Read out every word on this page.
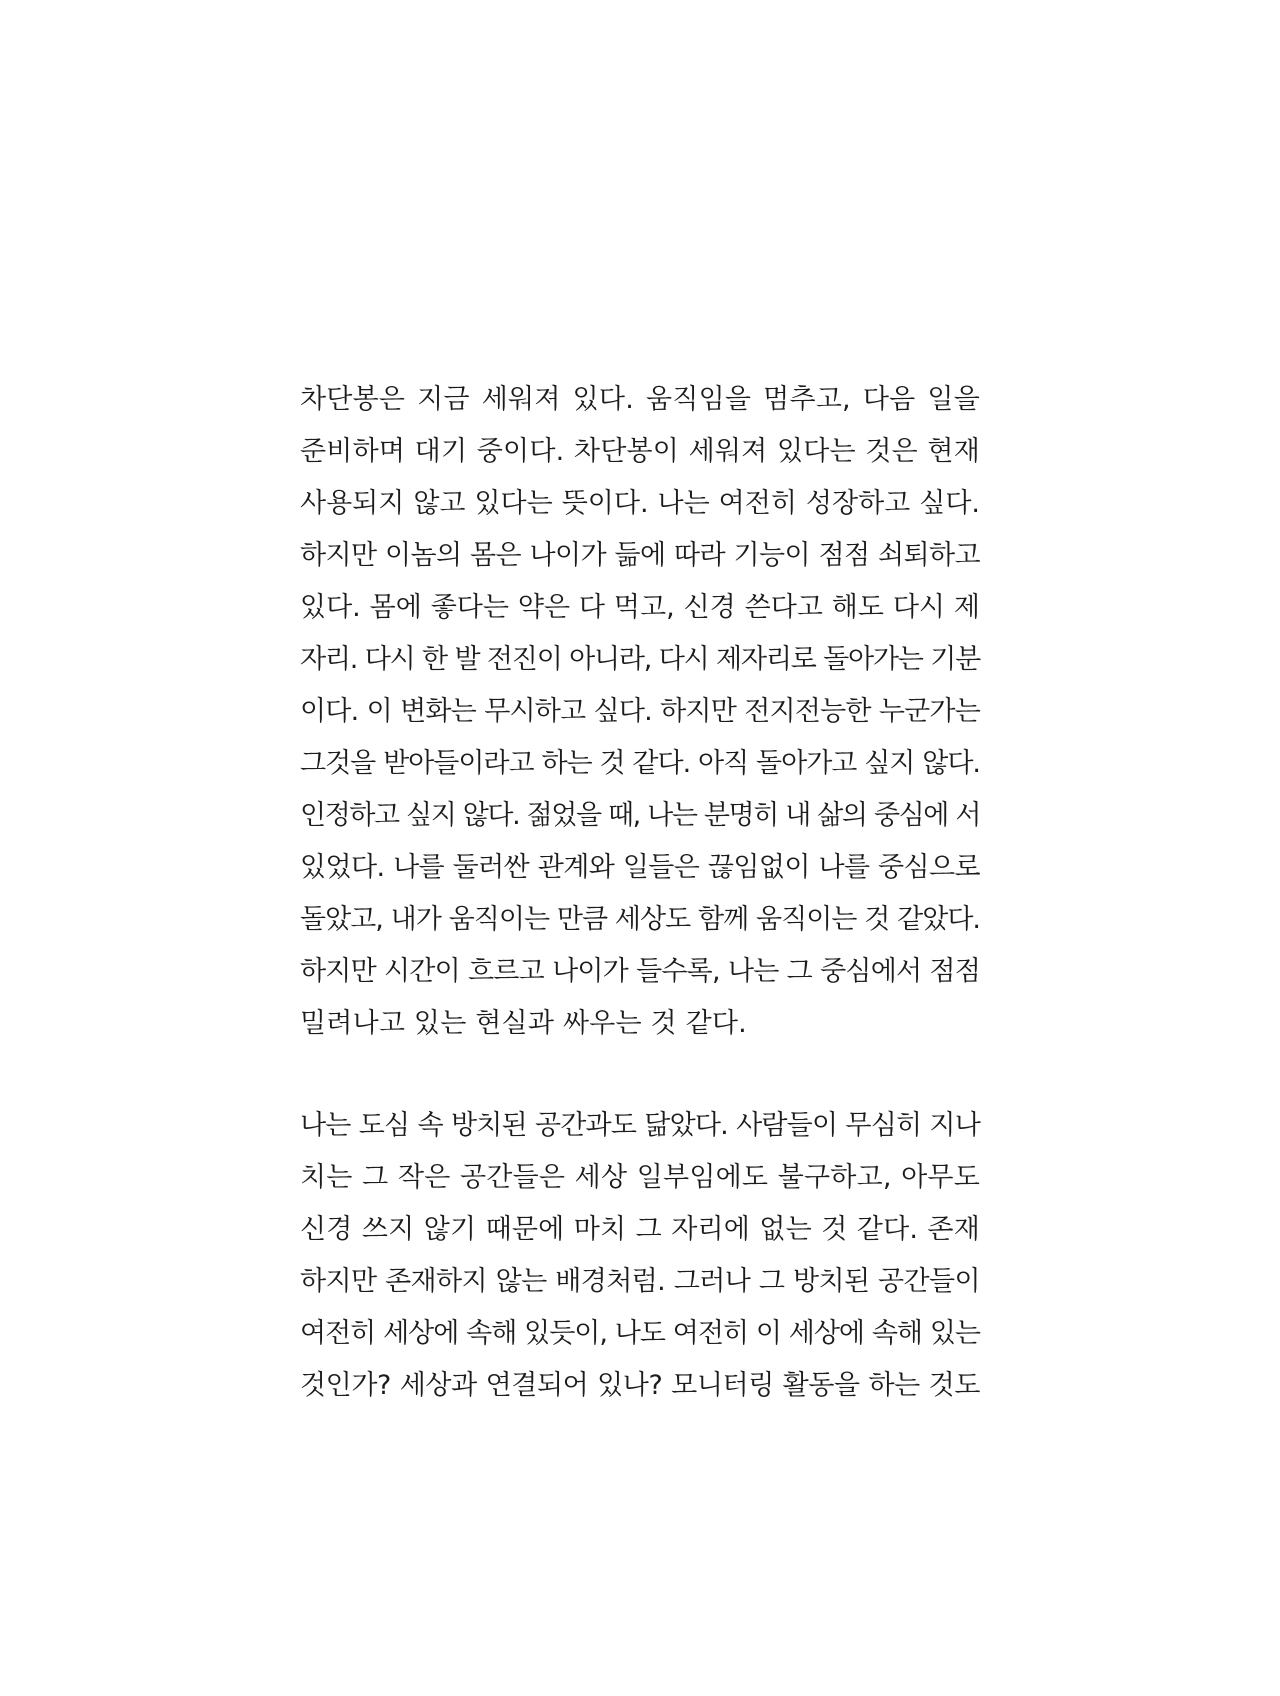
차단봉은 지금 세워져 있다. 움직임을 멈추고, 다음 일을
준비하며 대기 중이다. 차단봉이 세워져 있다는 것은 현재
사용되지 않고 있다는 뜻이다. 나는 여전히 성장하고 싶다.
하지만 이놈의 몸은 나이가 듦에 따라 기능이 점점 쇠퇴하고
있다. 몸에 좋다는 약은 다 먹고, 신경 쓴다고 해도 다시 제
자리. 다시 한 발 전진이 아니라, 다시 제자리로 돌아가는 기분
이다. 이 변화는 무시하고 싶다. 하지만 전지전능한 누군가는
그것을 받아들이라고 하는 것 같다. 아직 돌아가고 싶지 않다.
인정하고 싶지 않다. 젊었을 때, 나는 분명히 내 삶의 중심에 서
있었다. 나를 둘러싼 관계와 일들은 끊임없이 나를 중심으로
돌았고, 내가 움직이는 만큼 세상도 함께 움직이는 것 같았다.
하지만 시간이 흐르고 나이가 들수록, 나는 그 중심에서 점점
밀려나고 있는 현실과 싸우는 것 같다.
나는 도심 속 방치된 공간과도 닮았다. 사람들이 무심히 지나
치는 그 작은 공간들은 세상 일부임에도 불구하고, 아무도
신경 쓰지 않기 때문에 마치 그 자리에 없는 것 같다. 존재
하지만 존재하지 않는 배경처럼. 그러나 그 방치된 공간들이
여전히 세상에 속해 있듯이, 나도 여전히 이 세상에 속해 있는
것인가? 세상과 연결되어 있나? 모니터링 활동을 하는 것도
